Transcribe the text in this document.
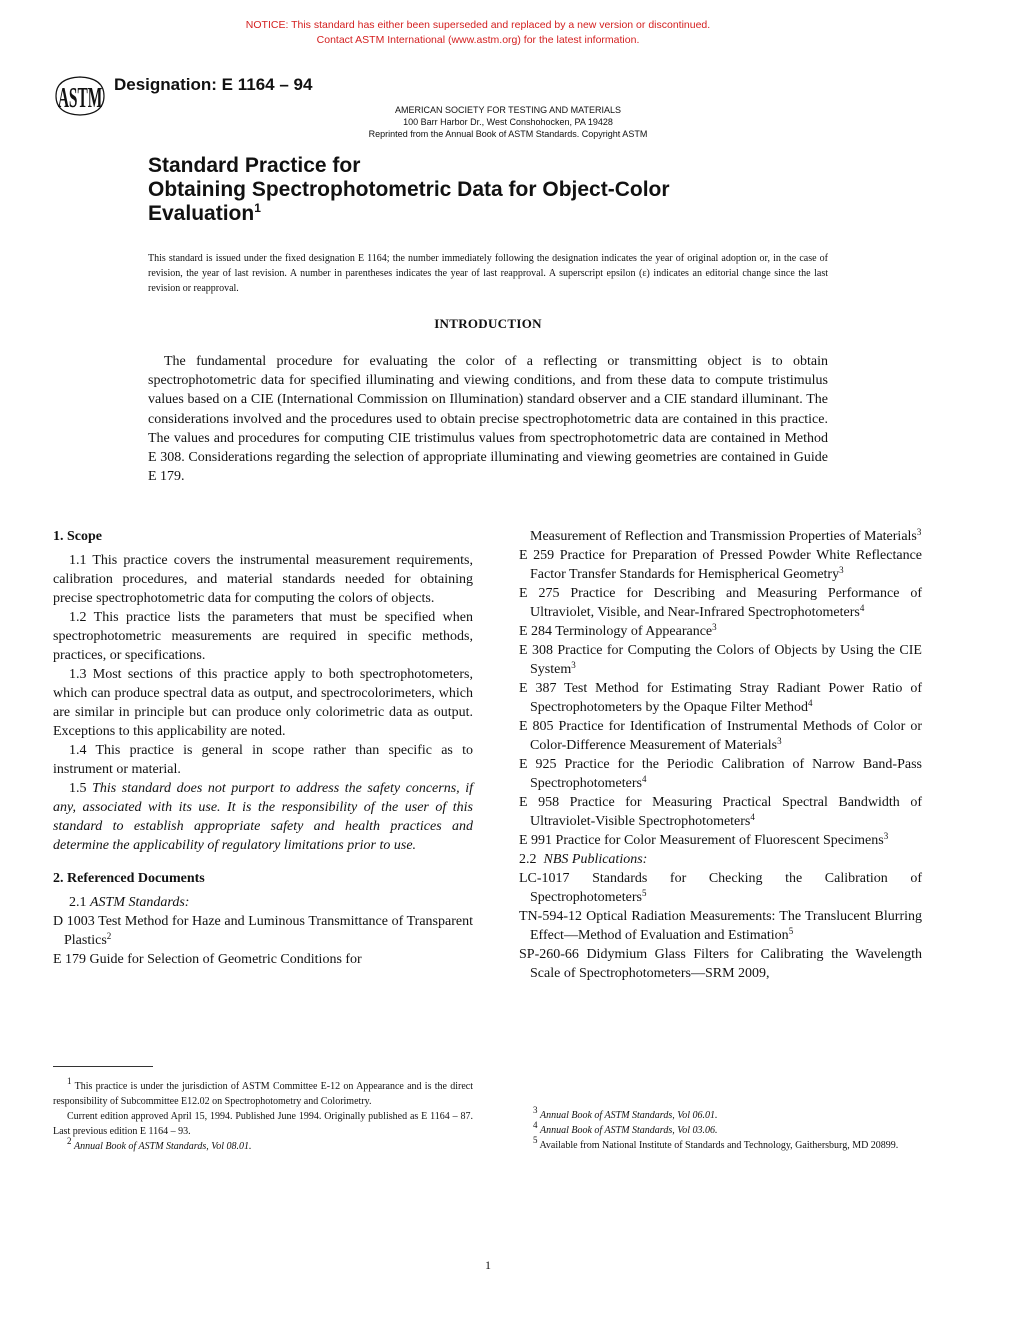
NOTICE: This standard has either been superseded and replaced by a new version or discontinued.
Contact ASTM International (www.astm.org) for the latest information.
ASTM Designation: E 1164 – 94
AMERICAN SOCIETY FOR TESTING AND MATERIALS
100 Barr Harbor Dr., West Conshohocken, PA 19428
Reprinted from the Annual Book of ASTM Standards. Copyright ASTM
Standard Practice for
Obtaining Spectrophotometric Data for Object-Color
Evaluation$^1$
This standard is issued under the fixed designation E 1164; the number immediately following the designation indicates the year of original adoption or, in the case of revision, the year of last revision. A number in parentheses indicates the year of last reapproval. A superscript epsilon (ε) indicates an editorial change since the last revision or reapproval.
INTRODUCTION
The fundamental procedure for evaluating the color of a reflecting or transmitting object is to obtain spectrophotometric data for specified illuminating and viewing conditions, and from these data to compute tristimulus values based on a CIE (International Commission on Illumination) standard observer and a CIE standard illuminant. The considerations involved and the procedures used to obtain precise spectrophotometric data are contained in this practice. The values and procedures for computing CIE tristimulus values from spectrophotometric data are contained in Method E 308. Considerations regarding the selection of appropriate illuminating and viewing geometries are contained in Guide E 179.
1. Scope

1.1 This practice covers the instrumental measurement requirements, calibration procedures, and material standards needed for obtaining precise spectrophotometric data for computing the colors of objects.

1.2 This practice lists the parameters that must be specified when spectrophotometric measurements are required in specific methods, practices, or specifications.

1.3 Most sections of this practice apply to both spectrophotometers, which can produce spectral data as output, and spectrocolorimeters, which are similar in principle but can produce only colorimetric data as output. Exceptions to this applicability are noted.

1.4 This practice is general in scope rather than specific as to instrument or material.

1.5 This standard does not purport to address the safety concerns, if any, associated with its use. It is the responsibility of the user of this standard to establish appropriate safety and health practices and determine the applicability of regulatory limitations prior to use.

2. Referenced Documents

2.1 ASTM Standards:

D 1003 Test Method for Haze and Luminous Transmittance of Transparent Plastics$^2$

E 179 Guide for Selection of Geometric Conditions for

Measurement of Reflection and Transmission Properties of Materials$^3$

E 259 Practice for Preparation of Pressed Powder White Reflectance Factor Transfer Standards for Hemispherical Geometry$^3$

E 275 Practice for Describing and Measuring Performance of Ultraviolet, Visible, and Near-Infrared Spectrophotometers$^4$

E 284 Terminology of Appearance$^3$

E 308 Practice for Computing the Colors of Objects by Using the CIE System$^3$

E 387 Test Method for Estimating Stray Radiant Power Ratio of Spectrophotometers by the Opaque Filter Method$^4$

E 805 Practice for Identification of Instrumental Methods of Color or Color-Difference Measurement of Materials$^3$

E 925 Practice for the Periodic Calibration of Narrow Band-Pass Spectrophotometers$^4$

E 958 Practice for Measuring Practical Spectral Bandwidth of Ultraviolet-Visible Spectrophotometers$^4$

E 991 Practice for Color Measurement of Fluorescent Specimens$^3$

2.2 NBS Publications:

LC-1017 Standards for Checking the Calibration of Spectrophotometers$^5$

TN-594-12 Optical Radiation Measurements: The Translucent Blurring Effect—Method of Evaluation and Estimation$^5$

SP-260-66 Didymium Glass Filters for Calibrating the Wavelength Scale of Spectrophotometers—SRM 2009,

$^1$ This practice is under the jurisdiction of ASTM Committee E-12 on Appearance and is the direct responsibility of Subcommittee E12.02 on Spectrophotometry and Colorimetry.

Current edition approved April 15, 1994. Published June 1994. Originally published as E 1164 – 87. Last previous edition E 1164 – 93.

$^2$ Annual Book of ASTM Standards, Vol 08.01.

$^3$ Annual Book of ASTM Standards, Vol 06.01.

$^4$ Annual Book of ASTM Standards, Vol 03.06.

$^5$ Available from National Institute of Standards and Technology, Gaithersburg, MD 20899.

1
